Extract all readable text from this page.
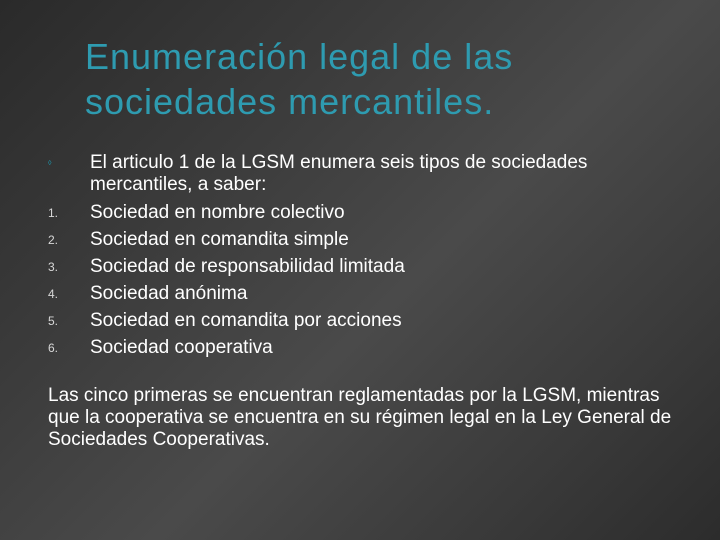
Enumeración legal de las
sociedades mercantiles.
◊ El articulo 1 de la LGSM enumera seis tipos de sociedades mercantiles, a saber:

1. Sociedad en nombre colectivo
2. Sociedad en comandita simple
3. Sociedad de responsabilidad limitada
4. Sociedad anónima
5. Sociedad en comandita por acciones
6. Sociedad cooperativa

Las cinco primeras se encuentran reglamentadas por la LGSM, mientras que la cooperativa se encuentra en su régimen legal en la Ley General de Sociedades Cooperativas.
